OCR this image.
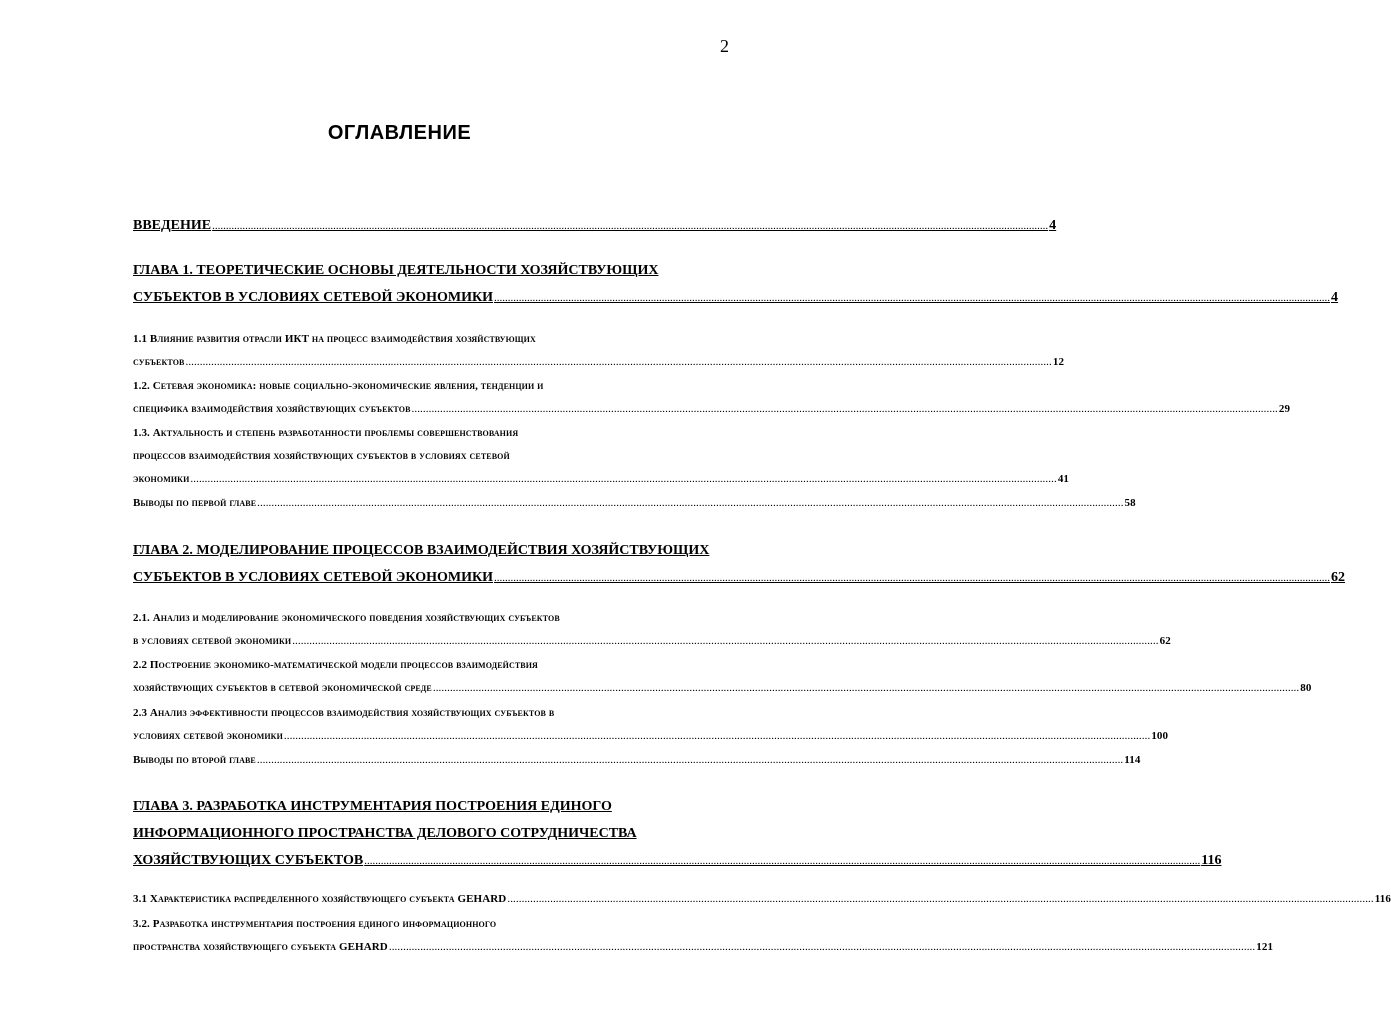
2
ОГЛАВЛЕНИЕ
ВВЕДЕНИЕ .....	4
ГЛАВА 1. ТЕОРЕТИЧЕСКИЕ ОСНОВЫ ДЕЯТЕЛЬНОСТИ ХОЗЯЙСТВУЮЩИХ
СУБЪЕКТОВ В УСЛОВИЯХ СЕТЕВОЙ ЭКОНОМИКИ .....	4
1.1 Влияние развития отрасли ИКТ на процесс взаимодействия хозяйствующих
субъектов .....	12
1.2. Сетевая экономика: новые социально-экономические явления, тенденции и
специфика взаимодействия хозяйствующих субъектов .....	29
1.3. Актуальность и степень разработанности проблемы совершенствования
процессов взаимодействия хозяйствующих субъектов в условиях сетевой
экономики .....	41
Выводы по первой главе .....	58
ГЛАВА 2. МОДЕЛИРОВАНИЕ ПРОЦЕССОВ ВЗАИМОДЕЙСТВИЯ ХОЗЯЙСТВУЮЩИХ
СУБЪЕКТОВ В УСЛОВИЯХ СЕТЕВОЙ ЭКОНОМИКИ .....	62
2.1. Анализ и моделирование экономического поведения хозяйствующих субъектов
в условиях сетевой экономики .....	62
2.2 Построение экономико-математической модели процессов взаимодействия
хозяйствующих субъектов в сетевой экономической среде .....	80
2.3 Анализ эффективности процессов взаимодействия хозяйствующих субъектов в
условиях сетевой экономики .....	100
Выводы по второй главе .....	114
ГЛАВА 3. РАЗРАБОТКА ИНСТРУМЕНТАРИЯ ПОСТРОЕНИЯ ЕДИНОГО
ИНФОРМАЦИОННОГО ПРОСТРАНСТВА ДЕЛОВОГО СОТРУДНИЧЕСТВА
ХОЗЯЙСТВУЮЩИХ СУБЪЕКТОВ .....	116
3.1 Характеристика распределенного хозяйствующего субъекта GEHARD .....	116
3.2. Разработка инструментария построения единого информационного
пространства хозяйствующего субъекта GEHARD .....	121
